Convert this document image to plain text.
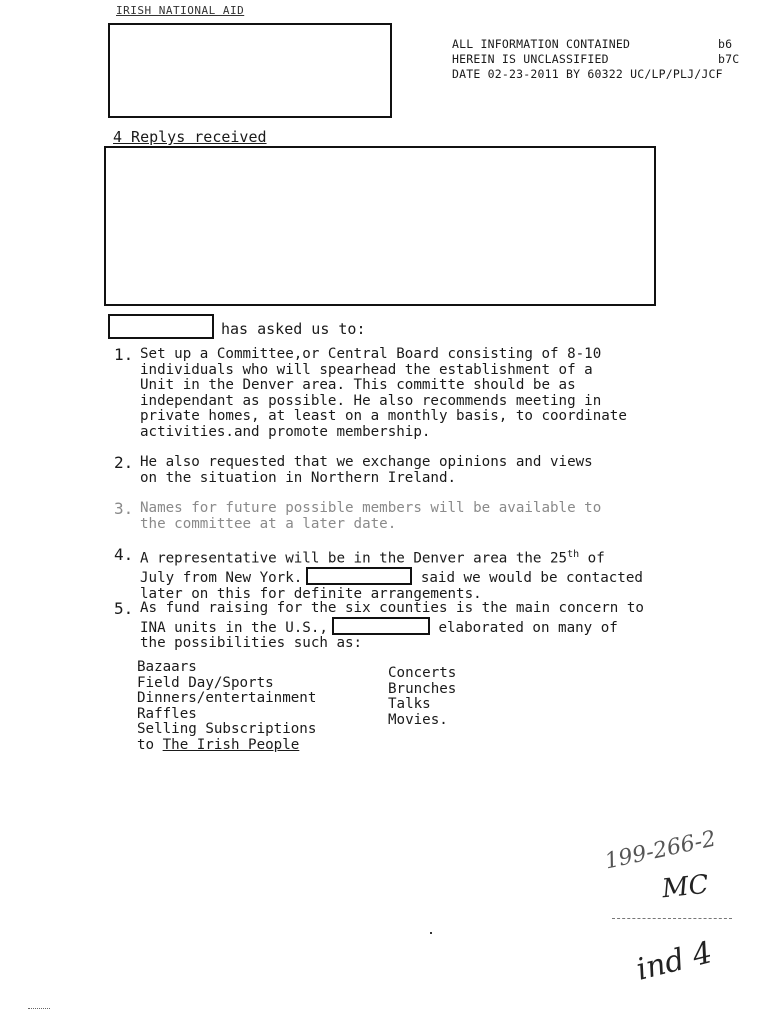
IRISH NATIONAL AID
ALL INFORMATION CONTAINED
HEREIN IS UNCLASSIFIED
DATE 02-23-2011 BY 60322 UC/LP/PLJ/JCF
b6
b7C
4 Replys received
has asked us to:
1. Set up a Committee,or Central Board consisting of 8-10
individuals who will spearhead the establishment of a
Unit in the Denver area. This committe should be as
independant as possible. He also recommends meeting in
private homes, at least on a monthly basis, to coordinate
activities.and promote membership.
2. He also requested that we exchange opinions and views
on the situation in Northern Ireland.
3. Names for future possible members will be available to
the committee at a later date.
4. A representative will be in the Denver area the 25th of
July from New York.	said we would be contacted
later on this for definite arrangements.
5. As fund raising for the six counties is the main concern to
INA units in the U.S.,	elaborated on many of
the possibilities such as:
Bazaars
Field Day/Sports
Dinners/entertainment
Raffles
Selling Subscriptions
to The Irish People
Concerts
Brunches
Talks
Movies.
199-266-2
MC
ind 4
